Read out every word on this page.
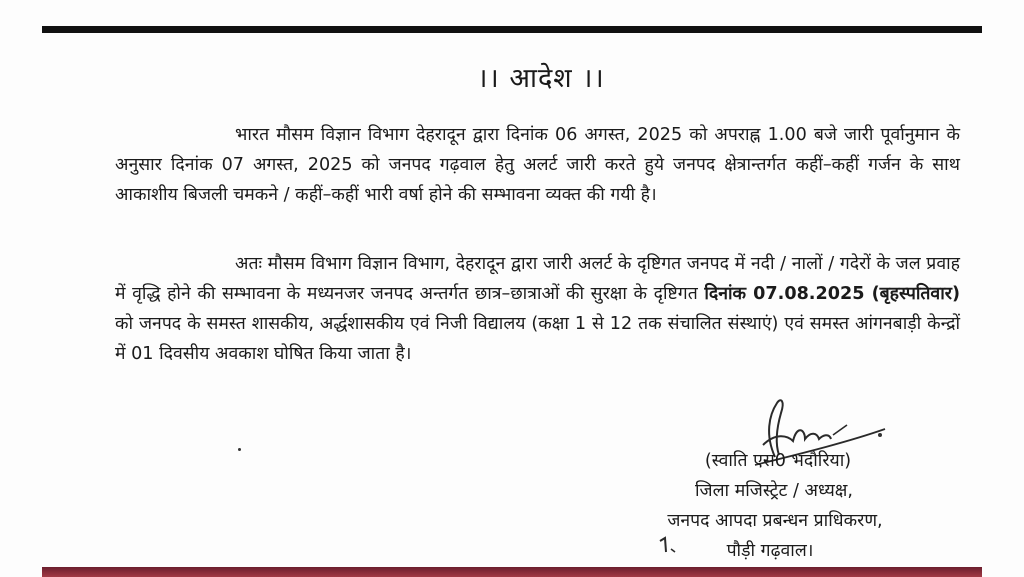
।। आदेश ।।
भारत मौसम विज्ञान विभाग देहरादून द्वारा दिनांक 06 अगस्त, 2025 को अपराह्न 1.00 बजे जारी पूर्वानुमान के अनुसार दिनांक 07 अगस्त, 2025 को जनपद गढ़वाल हेतु अलर्ट जारी करते हुये जनपद क्षेत्रान्तर्गत कहीं–कहीं गर्जन के साथ आकाशीय बिजली चमकने / कहीं–कहीं भारी वर्षा होने की सम्भावना व्यक्त की गयी है।
अतः मौसम विभाग विज्ञान विभाग, देहरादून द्वारा जारी अलर्ट के दृष्टिगत जनपद में नदी / नालों / गदेरों के जल प्रवाह में वृद्धि होने की सम्भावना के मध्यनजर जनपद अन्तर्गत छात्र–छात्राओं की सुरक्षा के दृष्टिगत दिनांक 07.08.2025 (बृहस्पतिवार) को जनपद के समस्त शासकीय, अर्द्धशासकीय एवं निजी विद्यालय (कक्षा 1 से 12 तक संचालित संस्थाएं) एवं समस्त आंगनबाड़ी केन्द्रों में 01 दिवसीय अवकाश घोषित किया जाता है।
(स्वाति एस0 भदौरिया)
जिला मजिस्ट्रेट / अध्यक्ष,
जनपद आपदा प्रबन्धन प्राधिकरण,
पौड़ी गढ़वाल।
